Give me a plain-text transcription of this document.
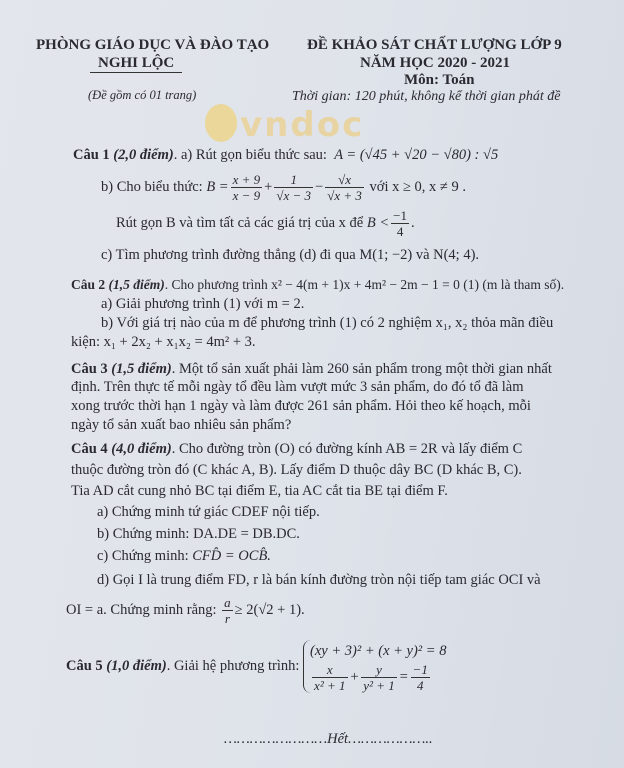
vndoc
PHÒNG GIÁO DỤC VÀ ĐÀO TẠO
NGHI LỘC
(Đề gồm có 01 trang)
ĐỀ KHẢO SÁT CHẤT LƯỢNG LỚP 9
NĂM HỌC 2020 - 2021
Môn: Toán
Thời gian: 120 phút, không kể thời gian phát đề
Câu 1 (2,0 điểm). a) Rút gọn biểu thức sau: A = (√45 + √20 − √80) : √5
b) Cho biểu thức: $B = \frac{x + 9}{x - 9} + \frac{1}{√x - 3} - \frac{√x}{√x + 3}$ với x ≥ 0, x ≠ 9 .
Rút gọn B và tìm tất cả các giá trị của x để $B < \frac{-1}{4}$ .
c) Tìm phương trình đường thẳng (d) đi qua M(1; −2) và N(4; 4).
Câu 2 (1,5 điểm). Cho phương trình x² − 4(m + 1)x + 4m² − 2m − 1 = 0 (1) (m là tham số).
a) Giải phương trình (1) với m = 2.
b) Với giá trị nào của m để phương trình (1) có 2 nghiệm x₁, x₂ thỏa mãn điều
kiện: x₁ + 2x₂ + x₁x₂ = 4m² + 3.
Câu 3 (1,5 điểm). Một tổ sản xuất phải làm 260 sản phẩm trong một thời gian nhất
định. Trên thực tế mỗi ngày tổ đều làm vượt mức 3 sản phẩm, do đó tổ đã làm
xong trước thời hạn 1 ngày và làm được 261 sản phẩm. Hỏi theo kế hoạch, mỗi
ngày tổ sản xuất bao nhiêu sản phẩm?
Câu 4 (4,0 điểm). Cho đường tròn (O) có đường kính AB = 2R và lấy điểm C
thuộc đường tròn đó (C khác A, B). Lấy điểm D thuộc dây BC (D khác B, C).
Tia AD cắt cung nhỏ BC tại điểm E, tia AC cắt tia BE tại điểm F.
a) Chứng minh tứ giác CDEF nội tiếp.
b) Chứng minh: DA.DE = DB.DC.
c) Chứng minh: CFD̂ = OCB̂.
d) Gọi I là trung điểm FD, r là bán kính đường tròn nội tiếp tam giác OCI và
OI = a. Chứng minh rằng: $\frac{a}{r} \ge 2(√2 + 1)$.
Câu 5 (1,0 điểm). Giải hệ phương trình:
(xy + 3)² + (x + y)² = 8
$\frac{x}{\text{x² + 1}} + \frac{y}{\text{y² + 1}} = \frac{-1}{4}$
……………………Hết………………..
